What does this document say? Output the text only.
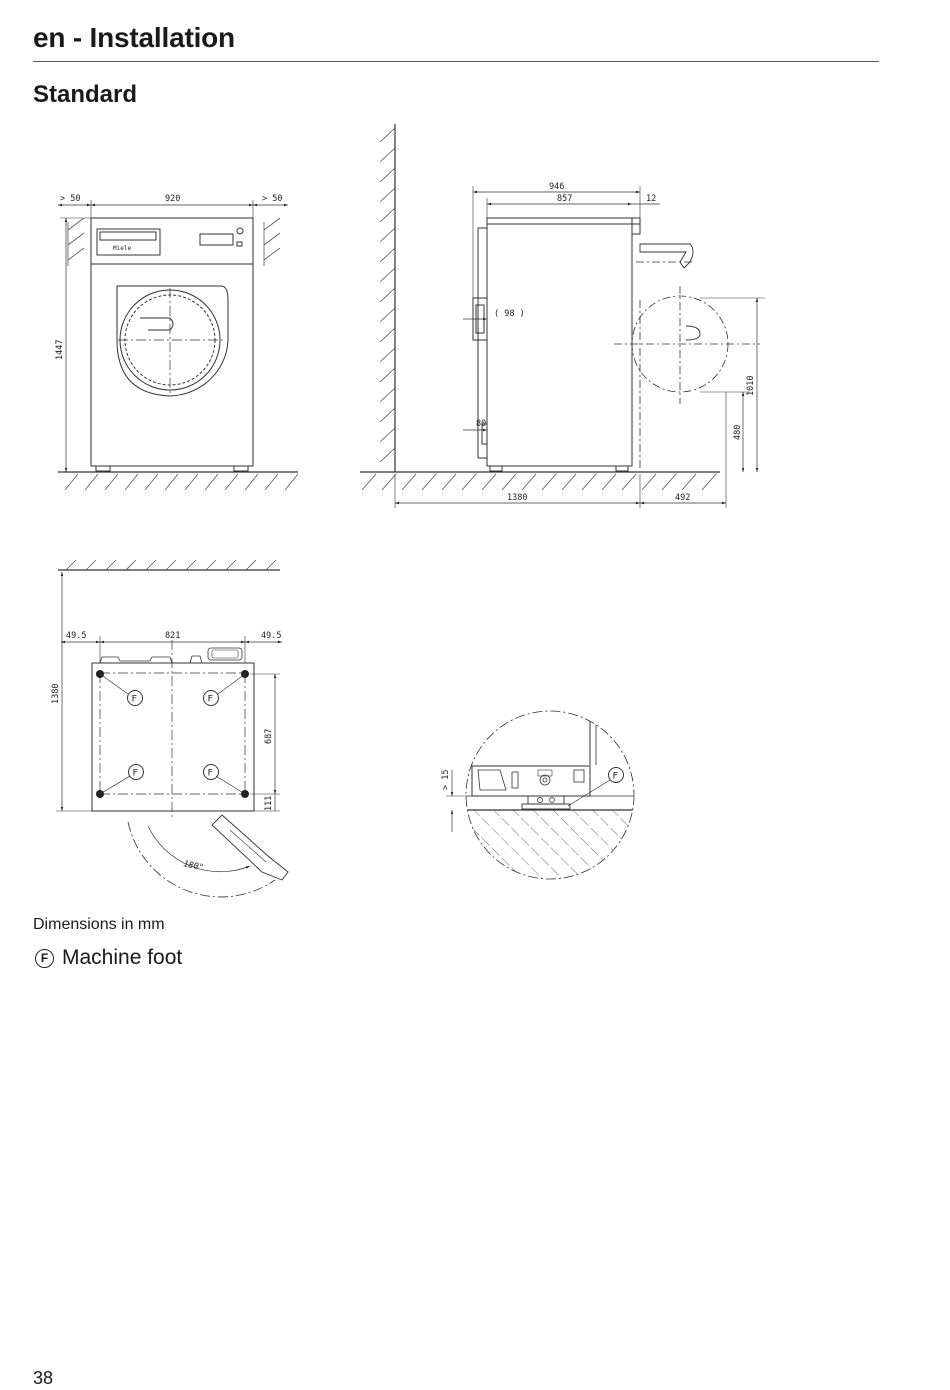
en - Installation
Standard
> 50	920	> 50
1447
Miele
946
857	12
( 98 )
80
1380	492
1010
480
49.5	821	49.5
1380
687
111
180°
F	F
F	F	> 15	F
Dimensions in mm
F Machine foot
38
